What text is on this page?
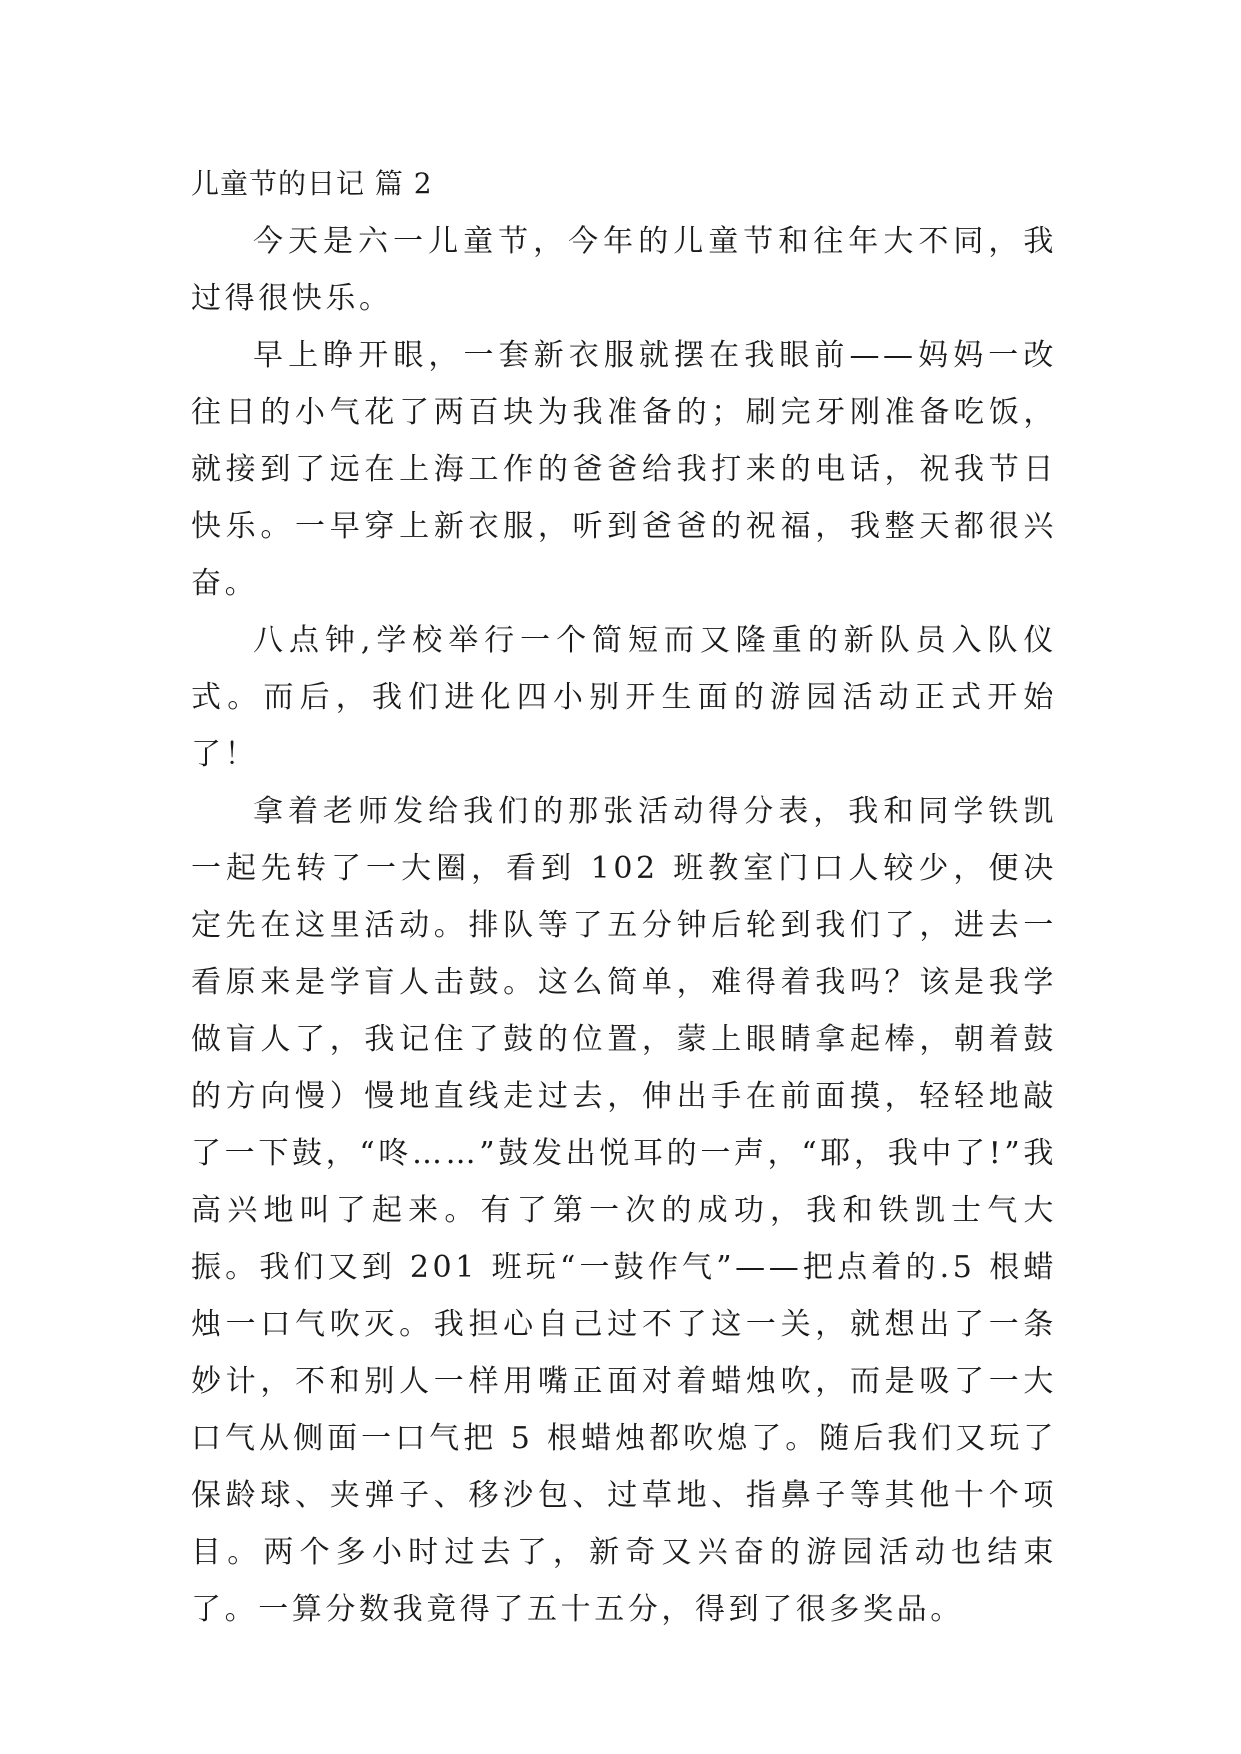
儿童节的日记 篇 2

今天是六一儿童节，今年的儿童节和往年大不同，我过得很快乐。

早上睁开眼，一套新衣服就摆在我眼前——妈妈一改往日的小气花了两百块为我准备的；刷完牙刚准备吃饭，就接到了远在上海工作的爸爸给我打来的电话，祝我节日快乐。一早穿上新衣服，听到爸爸的祝福，我整天都很兴奋。

八点钟,学校举行一个简短而又隆重的新队员入队仪式。而后，我们进化四小别开生面的游园活动正式开始了！

拿着老师发给我们的那张活动得分表，我和同学铁凯一起先转了一大圈，看到 102 班教室门口人较少，便决定先在这里活动。排队等了五分钟后轮到我们了，进去一看原来是学盲人击鼓。这么简单，难得着我吗？该是我学做盲人了，我记住了鼓的位置，蒙上眼睛拿起棒，朝着鼓的方向慢）慢地直线走过去，伸出手在前面摸，轻轻地敲了一下鼓，“咚……”鼓发出悦耳的一声，“耶，我中了!”我高兴地叫了起来。有了第一次的成功，我和铁凯士气大振。我们又到 201 班玩“一鼓作气”——把点着的.5 根蜡烛一口气吹灭。我担心自己过不了这一关，就想出了一条妙计，不和别人一样用嘴正面对着蜡烛吹，而是吸了一大口气从侧面一口气把 5 根蜡烛都吹熄了。随后我们又玩了保龄球、夹弹子、移沙包、过草地、指鼻子等其他十个项目。两个多小时过去了，新奇又兴奋的游园活动也结束了。一算分数我竟得了五十五分，得到了很多奖品。
